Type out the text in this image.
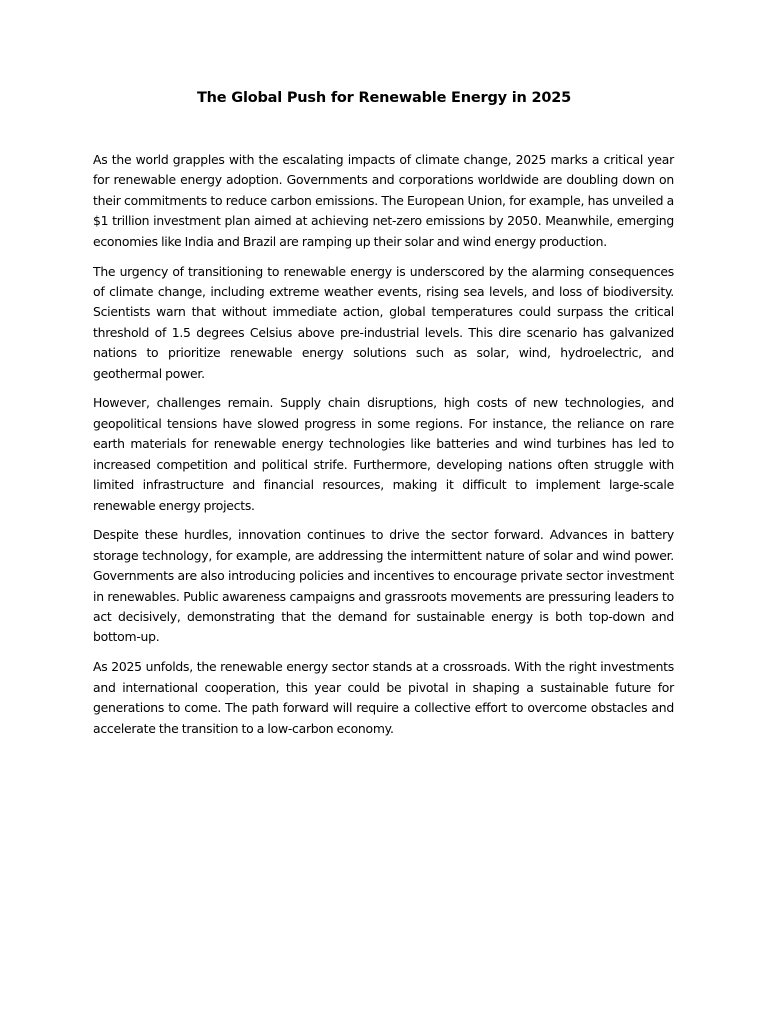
The Global Push for Renewable Energy in 2025

As the world grapples with the escalating impacts of climate change, 2025 marks a critical year for renewable energy adoption. Governments and corporations worldwide are doubling down on their commitments to reduce carbon emissions. The European Union, for example, has unveiled a $1 trillion investment plan aimed at achieving net-zero emissions by 2050. Meanwhile, emerging economies like India and Brazil are ramping up their solar and wind energy production.

The urgency of transitioning to renewable energy is underscored by the alarming consequences of climate change, including extreme weather events, rising sea levels, and loss of biodiversity. Scientists warn that without immediate action, global temperatures could surpass the critical threshold of 1.5 degrees Celsius above pre-industrial levels. This dire scenario has galvanized nations to prioritize renewable energy solutions such as solar, wind, hydroelectric, and geothermal power.

However, challenges remain. Supply chain disruptions, high costs of new technologies, and geopolitical tensions have slowed progress in some regions. For instance, the reliance on rare earth materials for renewable energy technologies like batteries and wind turbines has led to increased competition and political strife. Furthermore, developing nations often struggle with limited infrastructure and financial resources, making it difficult to implement large-scale renewable energy projects.

Despite these hurdles, innovation continues to drive the sector forward. Advances in battery storage technology, for example, are addressing the intermittent nature of solar and wind power. Governments are also introducing policies and incentives to encourage private sector investment in renewables. Public awareness campaigns and grassroots movements are pressuring leaders to act decisively, demonstrating that the demand for sustainable energy is both top-down and bottom-up.

As 2025 unfolds, the renewable energy sector stands at a crossroads. With the right investments and international cooperation, this year could be pivotal in shaping a sustainable future for generations to come. The path forward will require a collective effort to overcome obstacles and accelerate the transition to a low-carbon economy.
